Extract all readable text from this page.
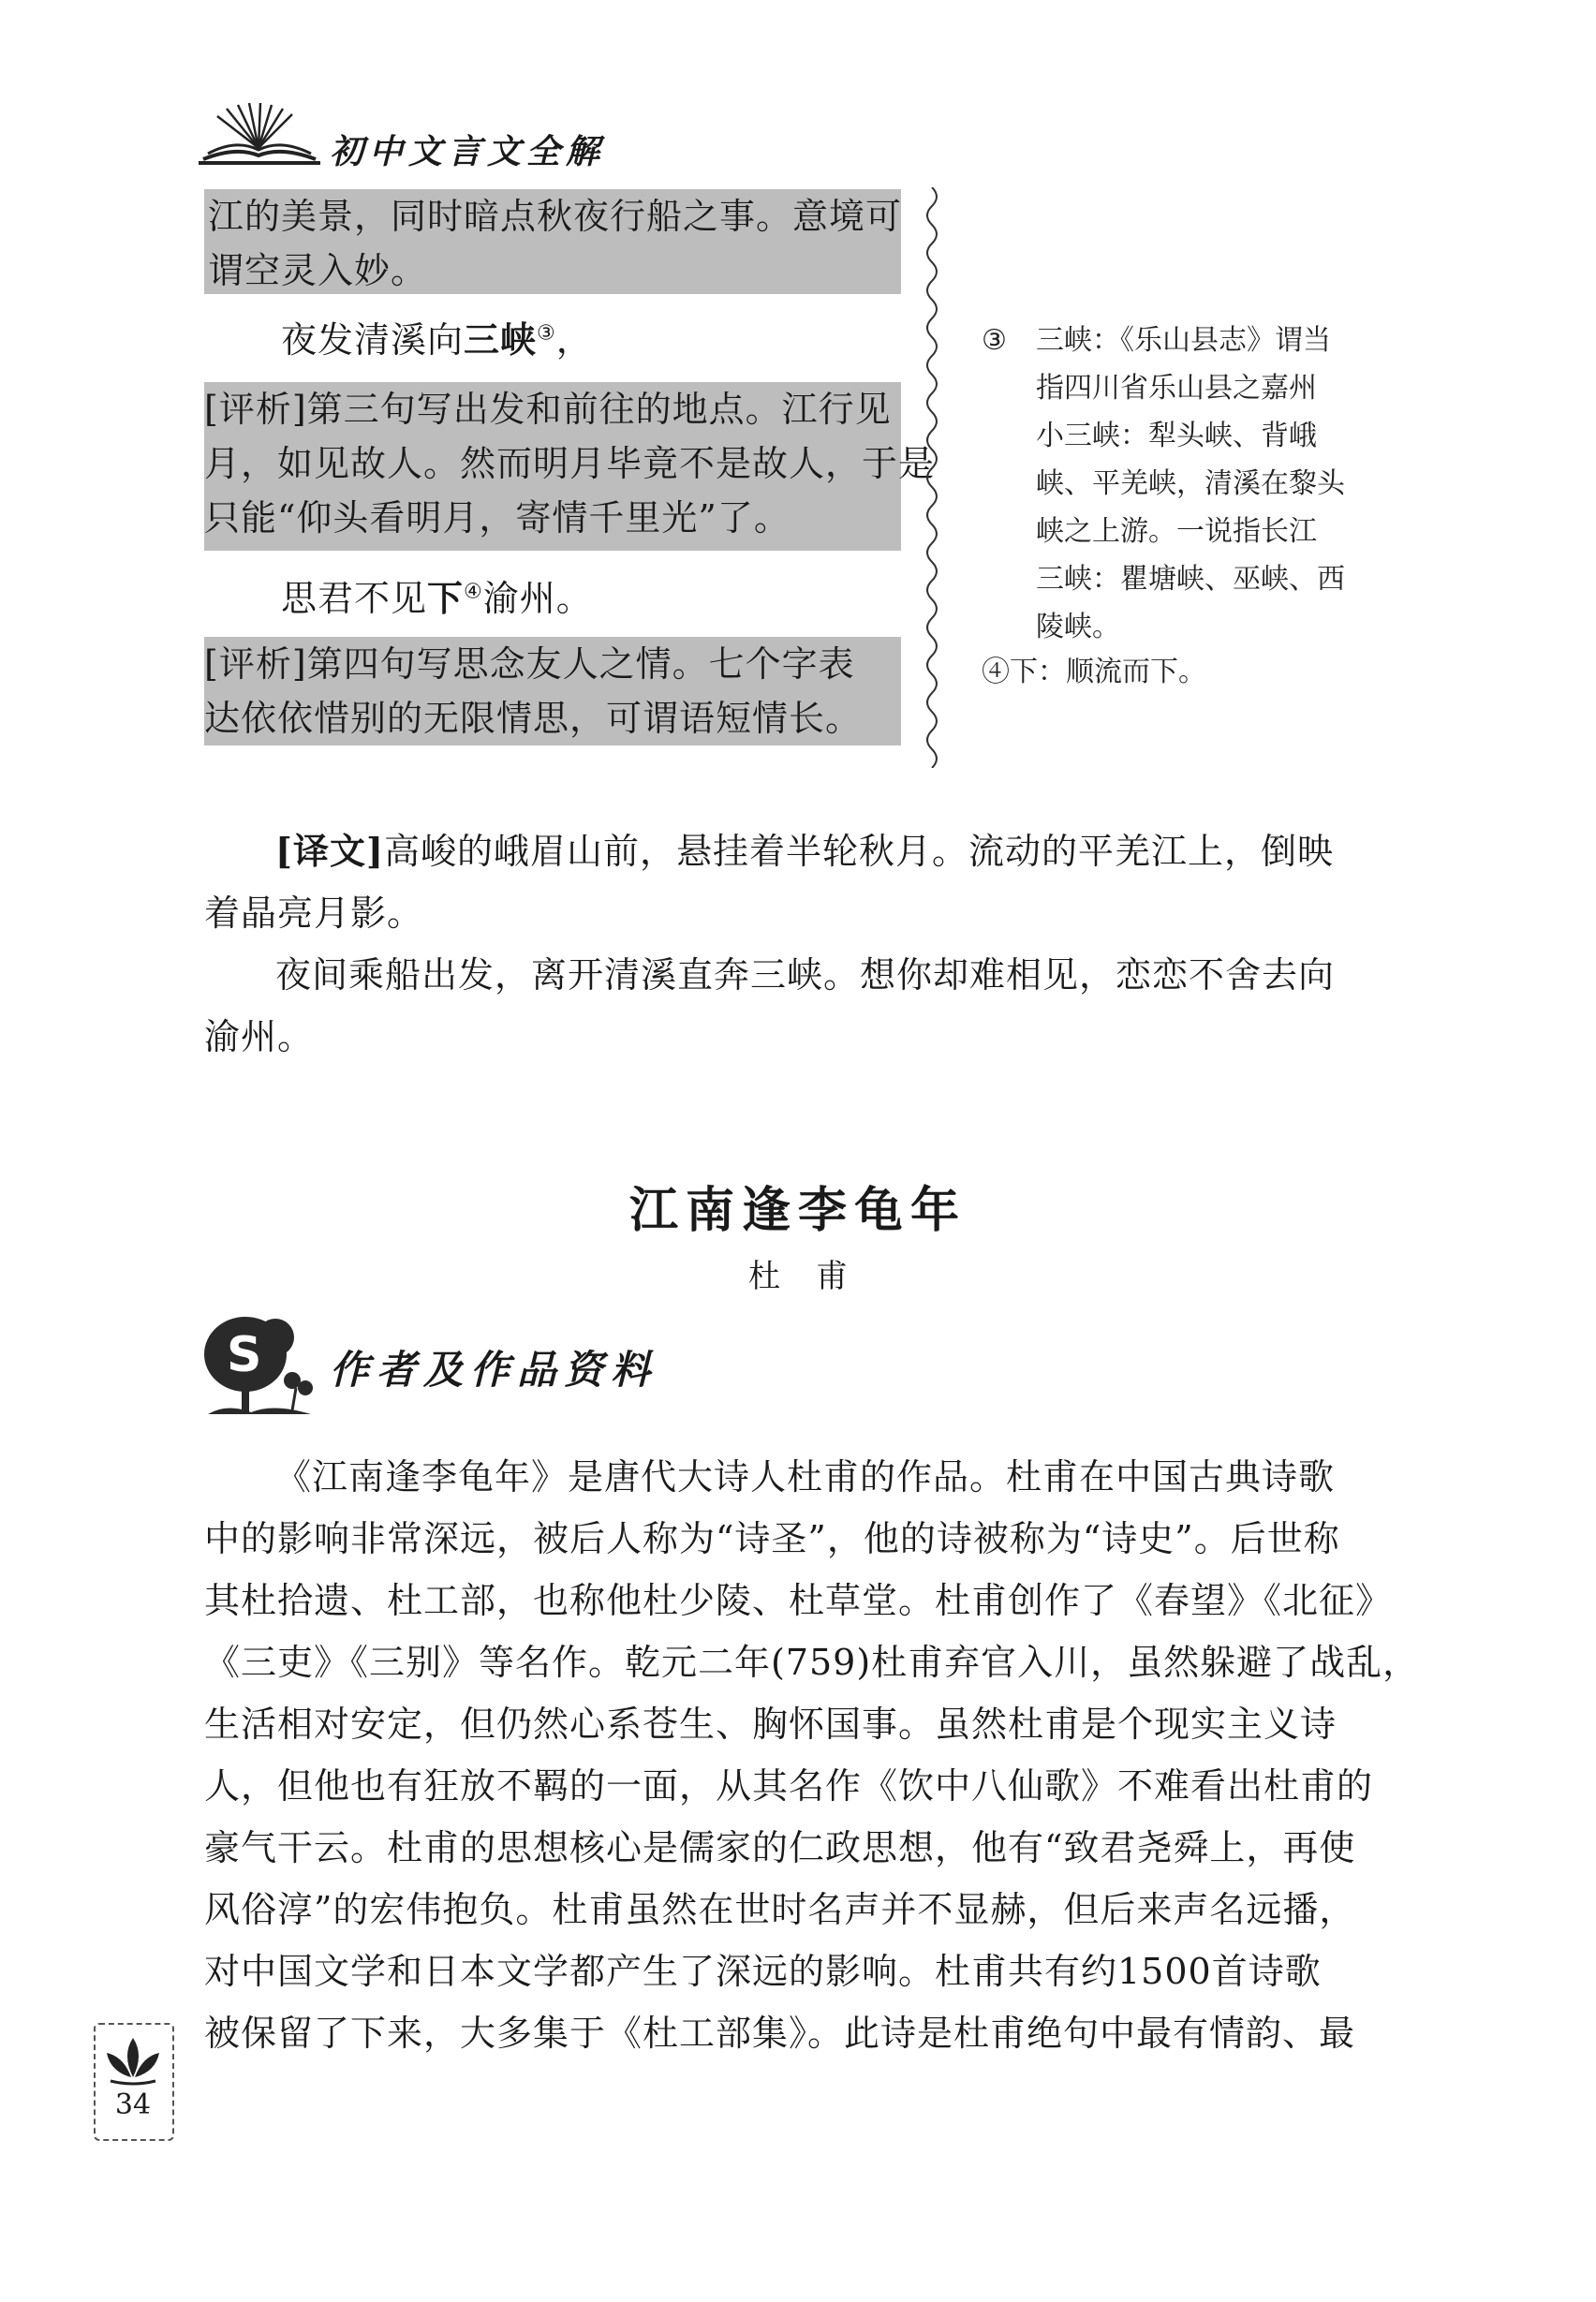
初中文言文全解
江的美景，同时暗点秋夜行船之事。意境可
谓空灵入妙。
夜发清溪向三峡③，
[评析]第三句写出发和前往的地点。江行见
月，如见故人。然而明月毕竟不是故人，于是
只能“仰头看明月，寄情千里光”了。
思君不见下④渝州。
[评析]第四句写思念友人之情。七个字表
达依依惜别的无限情思，可谓语短情长。
③ 三峡：《乐山县志》谓当
指四川省乐山县之嘉州
小三峡：犁头峡、背峨
峡、平羌峡，清溪在黎头
峡之上游。一说指长江
三峡：瞿塘峡、巫峡、西
陵峡。
④下：顺流而下。
[译文]高峻的峨眉山前，悬挂着半轮秋月。流动的平羌江上，倒映
着晶亮月影。
夜间乘船出发，离开清溪直奔三峡。想你却难相见，恋恋不舍去向
渝州。
江南逢李龟年
杜甫
S 作者及作品资料
《江南逢李龟年》是唐代大诗人杜甫的作品。杜甫在中国古典诗歌
中的影响非常深远，被后人称为“诗圣”，他的诗被称为“诗史”。后世称
其杜拾遗、杜工部，也称他杜少陵、杜草堂。杜甫创作了《春望》《北征》
《三吏》《三别》等名作。乾元二年(759)杜甫弃官入川，虽然躲避了战乱，
生活相对安定，但仍然心系苍生、胸怀国事。虽然杜甫是个现实主义诗
人，但他也有狂放不羁的一面，从其名作《饮中八仙歌》不难看出杜甫的
豪气干云。杜甫的思想核心是儒家的仁政思想，他有“致君尧舜上，再使
风俗淳”的宏伟抱负。杜甫虽然在世时名声并不显赫，但后来声名远播，
对中国文学和日本文学都产生了深远的影响。杜甫共有约1500首诗歌
被保留了下来，大多集于《杜工部集》。此诗是杜甫绝句中最有情韵、最
34
